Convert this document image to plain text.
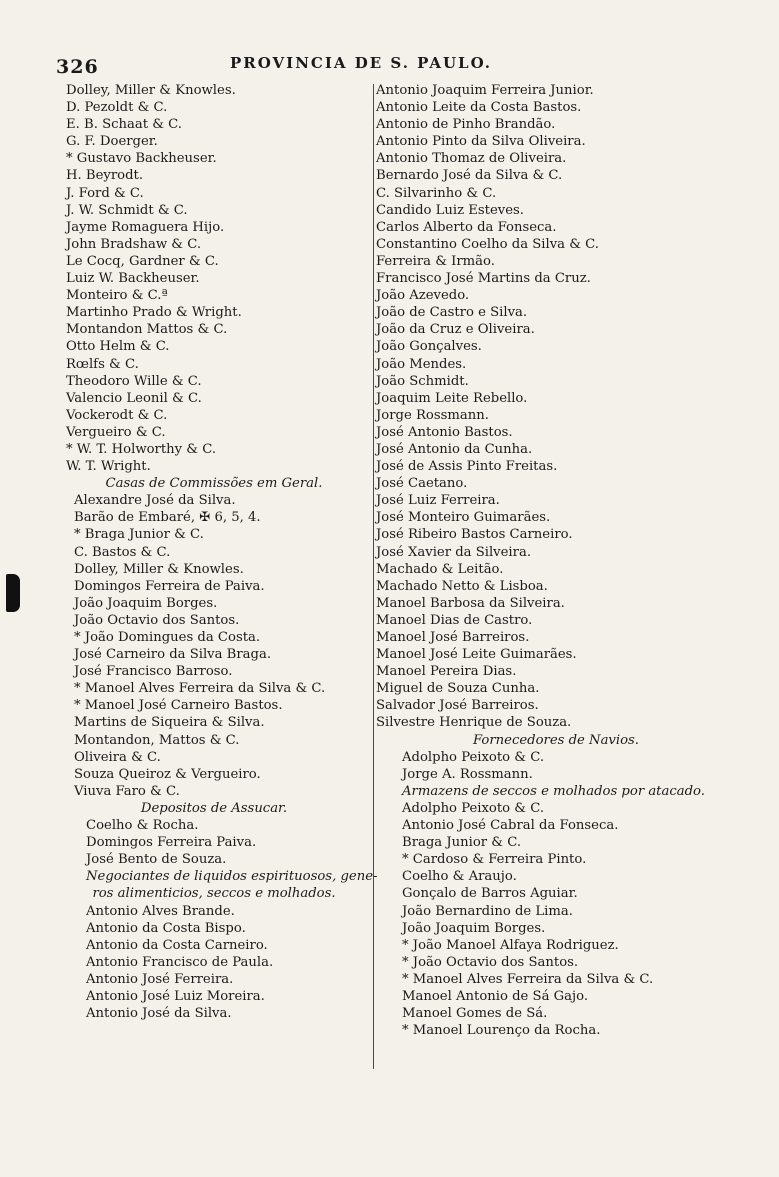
326	PROVINCIA DE S. PAULO.
Dolley, Miller & Knowles.
D. Pezoldt & C.
E. B. Schaat & C.
G. F. Doerger.
* Gustavo Backheuser.
H. Beyrodt.
J. Ford & C.
J. W. Schmidt & C.
Jayme Romaguera Hijo.
John Bradshaw & C.
Le Cocq, Gardner & C.
Luiz W. Backheuser.
Monteiro & C.ª
Martinho Prado & Wright.
Montandon Mattos & C.
Otto Helm & C.
Rœlfs & C.
Theodoro Wille & C.
Valencio Leonil & C.
Vockerodt & C.
Vergueiro & C.
* W. T. Holworthy & C.
W. T. Wright.
Casas de Commissões em Geral.
Alexandre José da Silva.
Barão de Embaré, ✠ 6, 5, 4.
* Braga Junior & C.
C. Bastos & C.
Dolley, Miller & Knowles.
Domingos Ferreira de Paiva.
João Joaquim Borges.
João Octavio dos Santos.
* João Domingues da Costa.
José Carneiro da Silva Braga.
José Francisco Barroso.
* Manoel Alves Ferreira da Silva & C.
* Manoel José Carneiro Bastos.
Martins de Siqueira & Silva.
Montandon, Mattos & C.
Oliveira & C.
Souza Queiroz & Vergueiro.
Viuva Faro & C.
Depositos de Assucar.
Coelho & Rocha.
Domingos Ferreira Paiva.
José Bento de Souza.
Negociantes de liquidos espirituosos, gene-
ros alimenticios, seccos e molhados.
Antonio Alves Brande.
Antonio da Costa Bispo.
Antonio da Costa Carneiro.
Antonio Francisco de Paula.
Antonio José Ferreira.
Antonio José Luiz Moreira.
Antonio José da Silva.
Antonio Joaquim Ferreira Junior.
Antonio Leite da Costa Bastos.
Antonio de Pinho Brandão.
Antonio Pinto da Silva Oliveira.
Antonio Thomaz de Oliveira.
Bernardo José da Silva & C.
C. Silvarinho & C.
Candido Luiz Esteves.
Carlos Alberto da Fonseca.
Constantino Coelho da Silva & C.
Ferreira & Irmão.
Francisco José Martins da Cruz.
João Azevedo.
João de Castro e Silva.
João da Cruz e Oliveira.
João Gonçalves.
João Mendes.
João Schmidt.
Joaquim Leite Rebello.
Jorge Rossmann.
José Antonio Bastos.
José Antonio da Cunha.
José de Assis Pinto Freitas.
José Caetano.
José Luiz Ferreira.
José Monteiro Guimarães.
José Ribeiro Bastos Carneiro.
José Xavier da Silveira.
Machado & Leitão.
Machado Netto & Lisboa.
Manoel Barbosa da Silveira.
Manoel Dias de Castro.
Manoel José Barreiros.
Manoel José Leite Guimarães.
Manoel Pereira Dias.
Miguel de Souza Cunha.
Salvador José Barreiros.
Silvestre Henrique de Souza.
Fornecedores de Navios.
Adolpho Peixoto & C.
Jorge A. Rossmann.
Armazens de seccos e molhados por atacado.
Adolpho Peixoto & C.
Antonio José Cabral da Fonseca.
Braga Junior & C.
* Cardoso & Ferreira Pinto.
Coelho & Araujo.
Gonçalo de Barros Aguiar.
João Bernardino de Lima.
João Joaquim Borges.
* João Manoel Alfaya Rodriguez.
* João Octavio dos Santos.
* Manoel Alves Ferreira da Silva & C.
Manoel Antonio de Sá Gajo.
Manoel Gomes de Sá.
* Manoel Lourenço da Rocha.
